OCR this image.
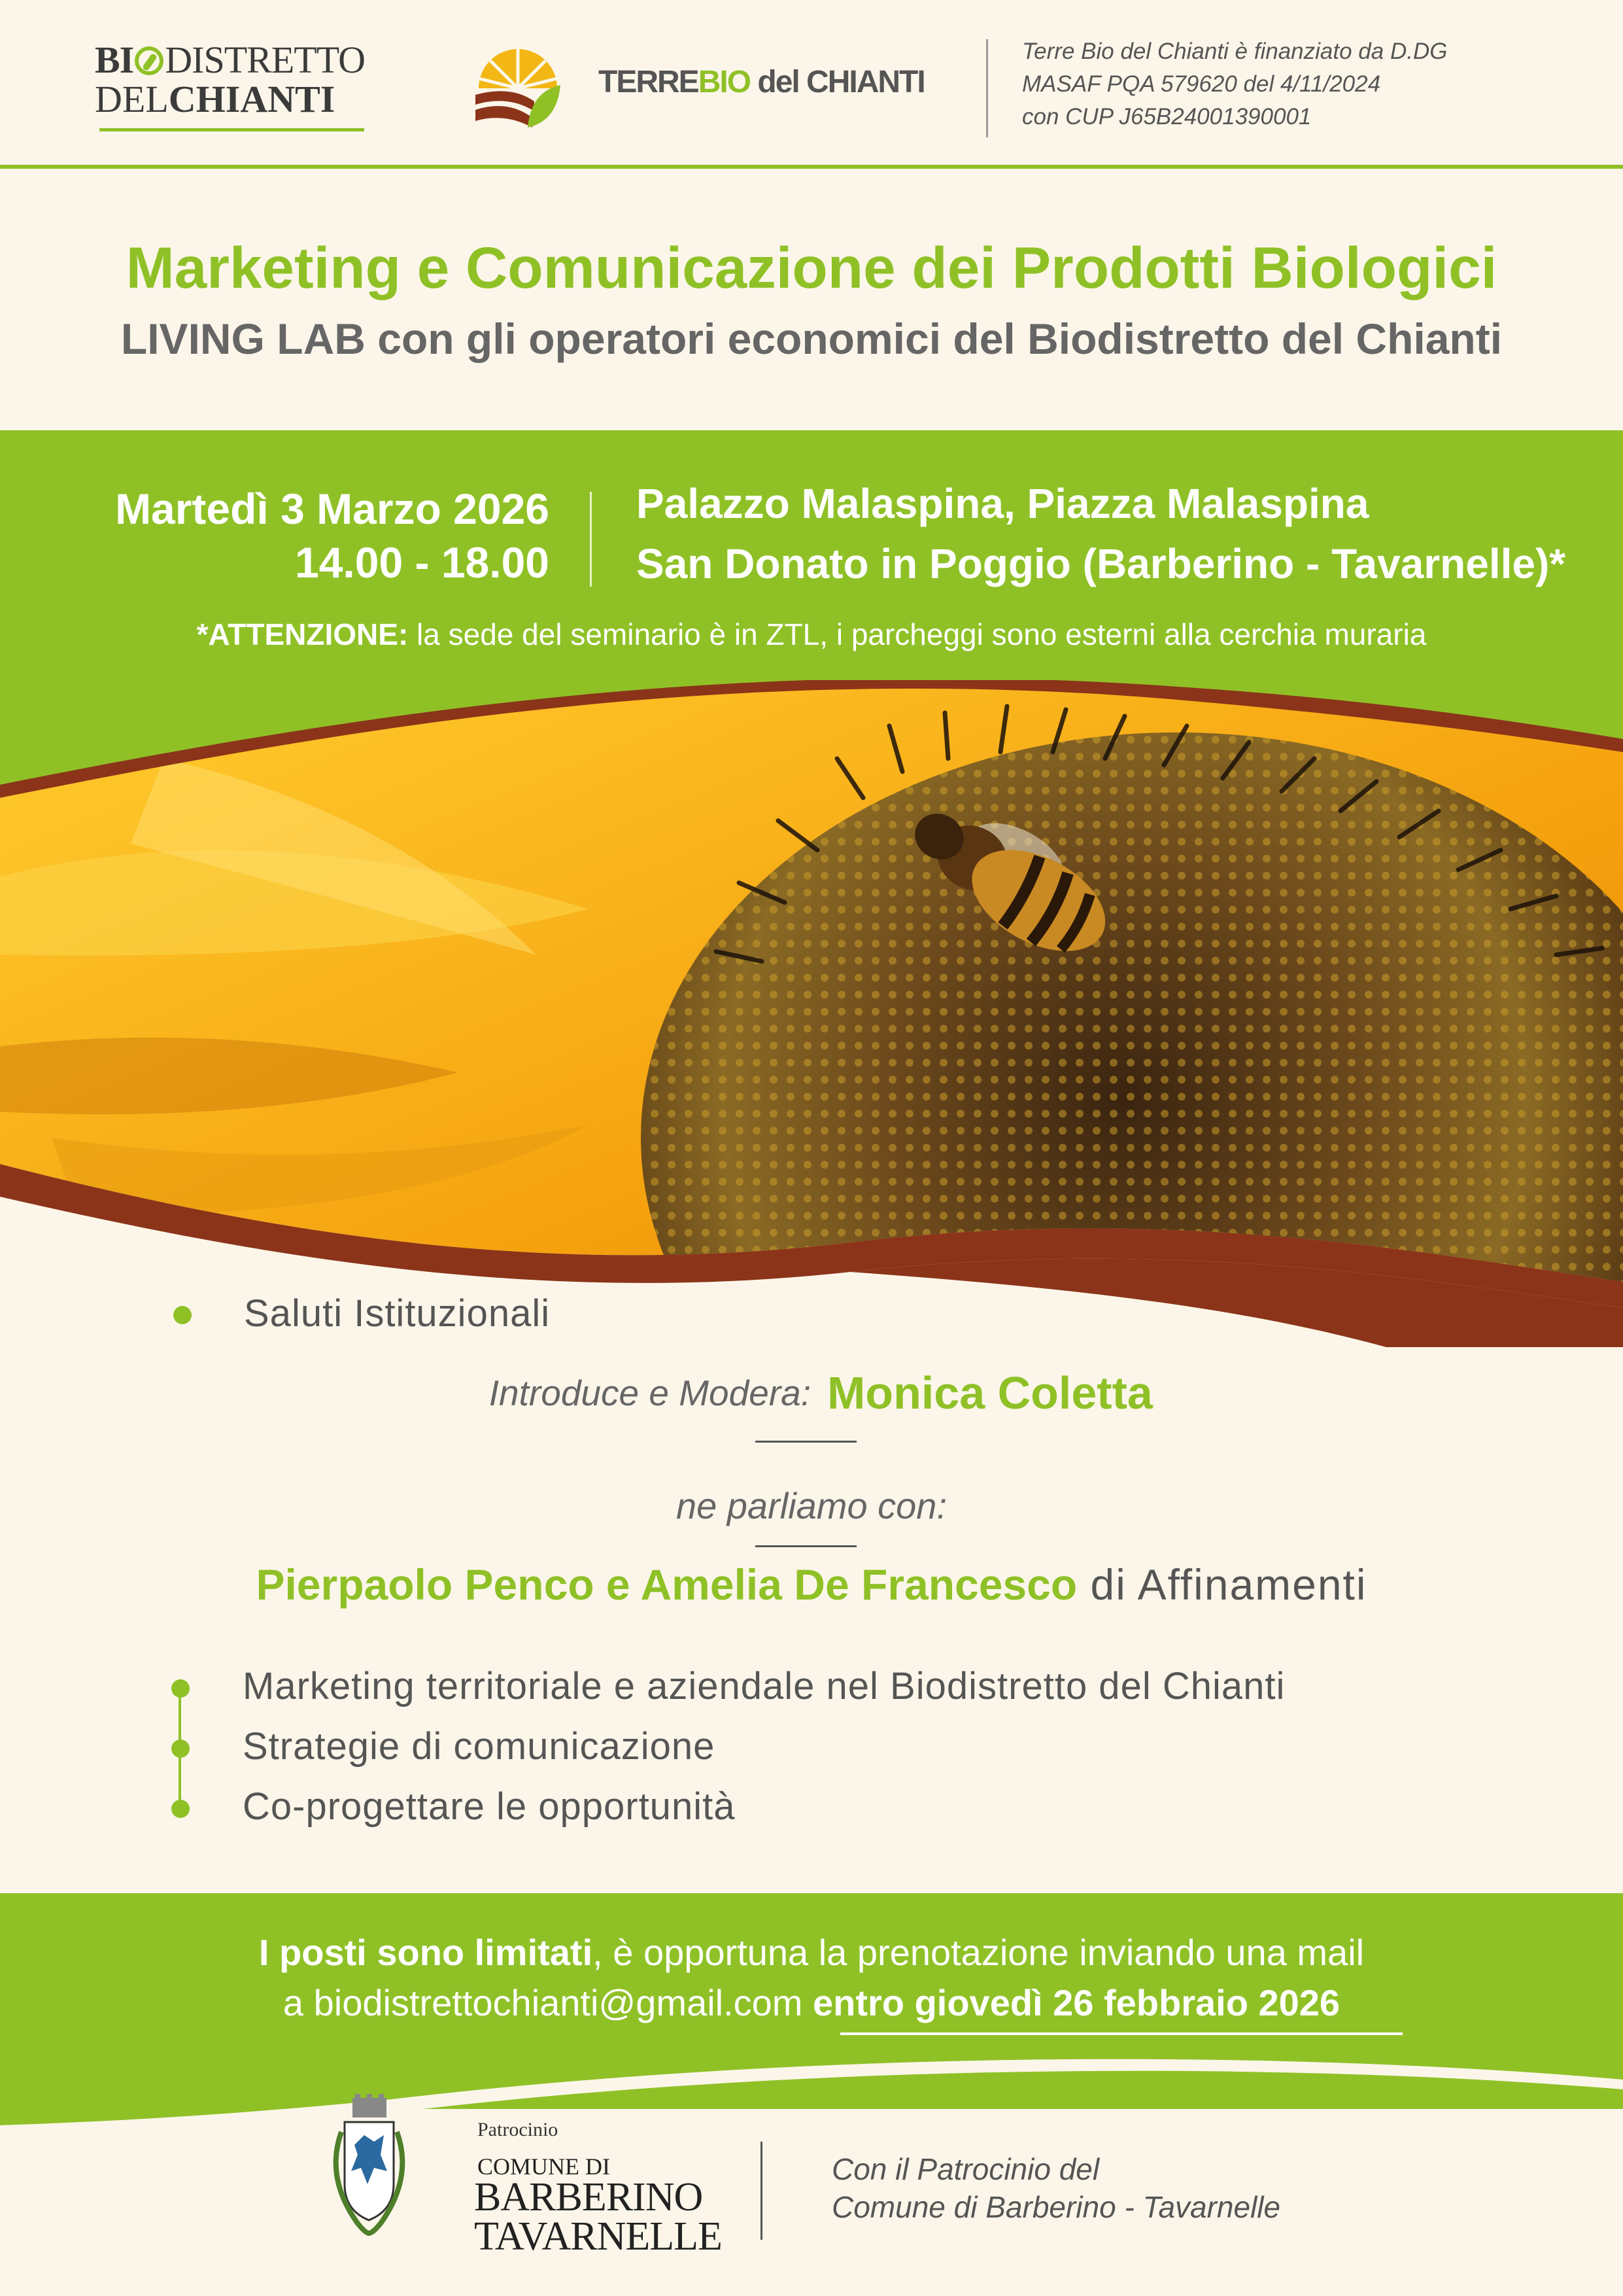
BI DISTRETTO
DELCHIANTI	TERREBIO del CHIANTI
Terre Bio del Chianti è finanziato da D.DG
MASAF PQA 579620 del 4/11/2024
con CUP J65B24001390001
Marketing e Comunicazione dei Prodotti Biologici
LIVING LAB con gli operatori economici del Biodistretto del Chianti
Martedì 3 Marzo 2026
14.00 - 18.00
Palazzo Malaspina, Piazza Malaspina
San Donato in Poggio (Barberino - Tavarnelle)*
*ATTENZIONE: la sede del seminario è in ZTL, i parcheggi sono esterni alla cerchia muraria
Saluti Istituzionali
Introduce e Modera: Monica Coletta
ne parliamo con:
Pierpaolo Penco e Amelia De Francesco di Affinamenti
Marketing territoriale e aziendale nel Biodistretto del Chianti
Strategie di comunicazione
Co-progettare le opportunità
I posti sono limitati, è opportuna la prenotazione inviando una mail
a biodistrettochianti@gmail.com entro giovedì 26 febbraio 2026
Patrocinio
COMUNE DI
BARBERINO
TAVARNELLE
Con il Patrocinio del
Comune di Barberino - Tavarnelle
